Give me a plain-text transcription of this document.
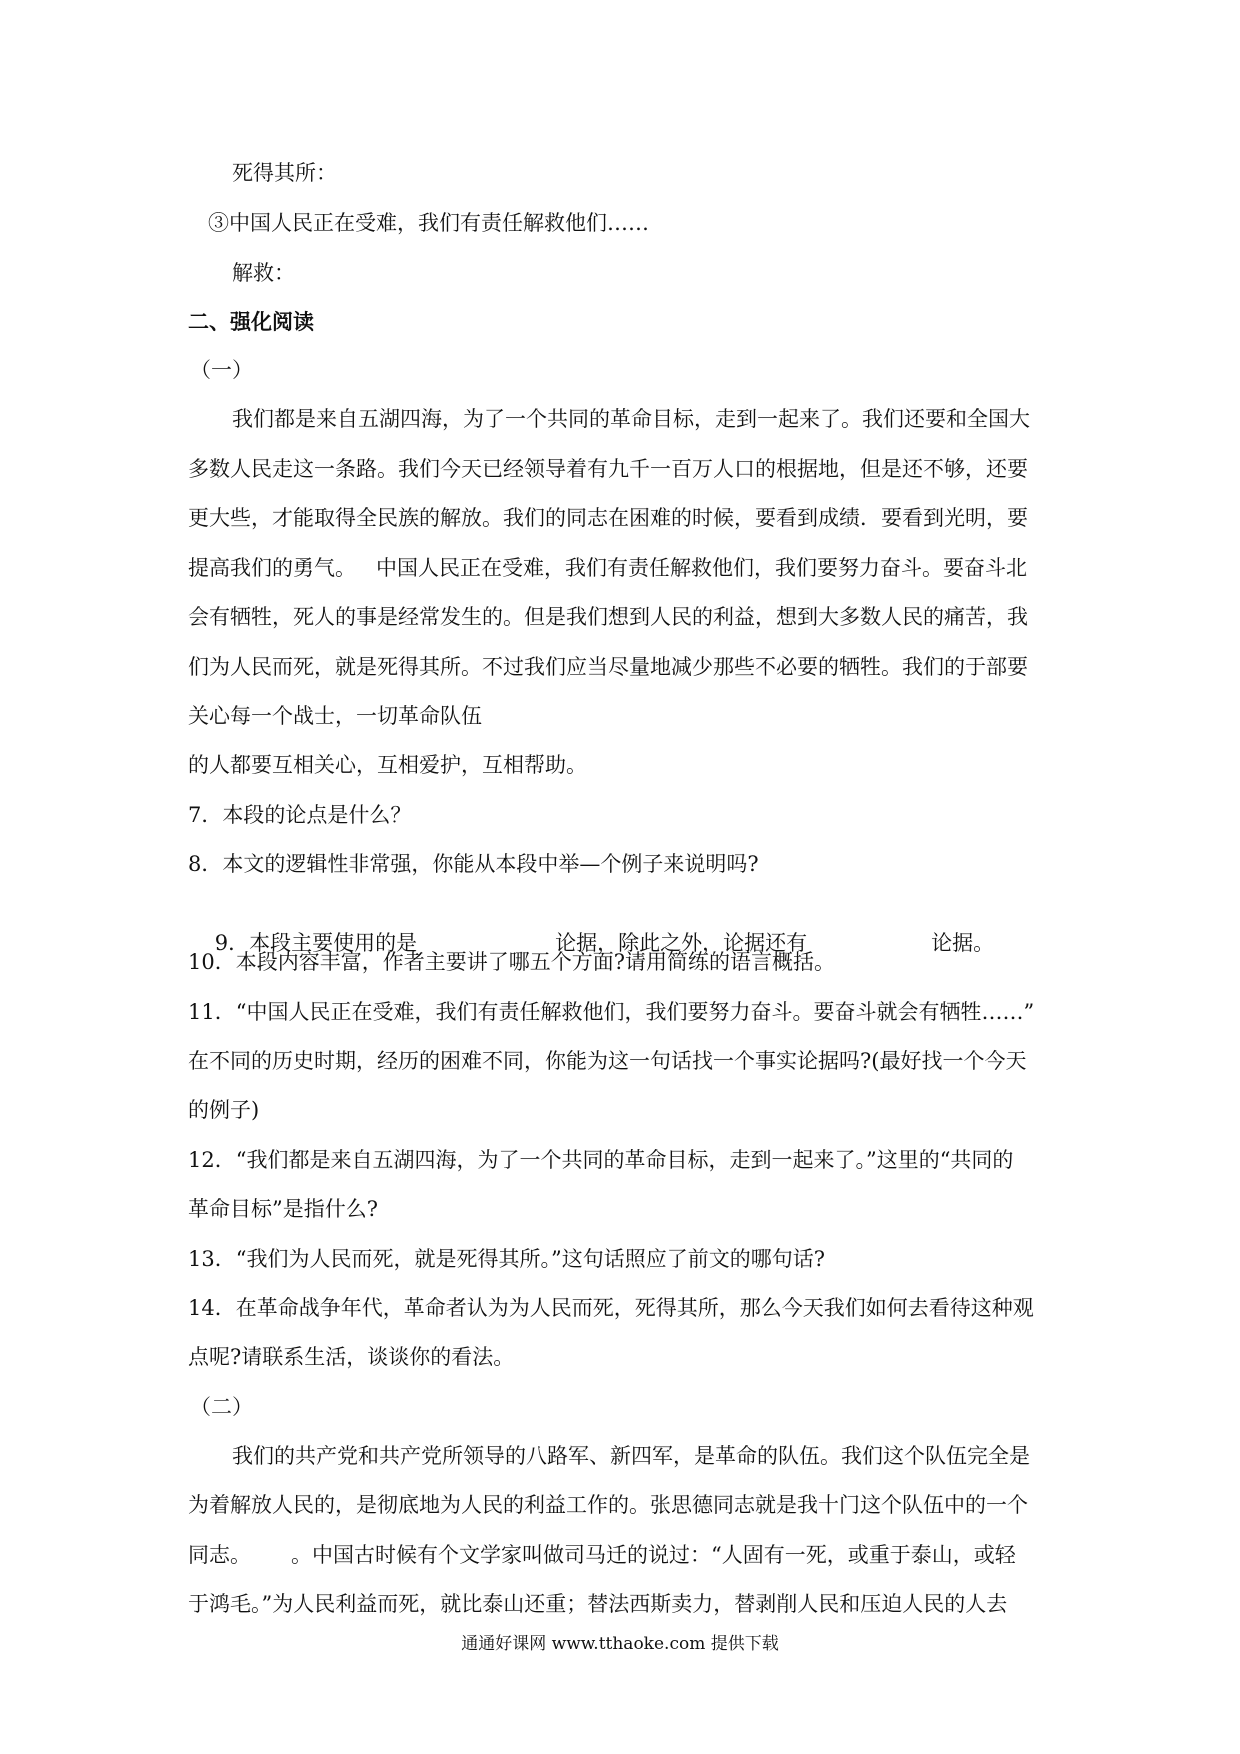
死得其所：
③中国人民正在受难，我们有责任解救他们……
解救：
二、强化阅读
（一）
我们都是来自五湖四海，为了一个共同的革命目标，走到一起来了。我们还要和全国大
多数人民走这一条路。我们今天已经领导着有九千一百万人口的根据地，但是还不够，还要
更大些，才能取得全民族的解放。我们的同志在困难的时候，要看到成绩．要看到光明，要
提高我们的勇气。   中国人民正在受难，我们有责任解救他们，我们要努力奋斗。要奋斗北
会有牺牲，死人的事是经常发生的。但是我们想到人民的利益，想到大多数人民的痛苦，我
们为人民而死，就是死得其所。不过我们应当尽量地减少那些不必要的牺牲。我们的于部要
关心每一个战士，一切革命队伍
的人都要互相关心，互相爱护，互相帮助。
7．本段的论点是什么？
8．本文的逻辑性非常强，你能从本段中举—个例子来说明吗?

9．本段主要使用的是	论据，除此之外，论据还有	论据。

10．本段内容丰富，作者主要讲了哪五个方面?请用简练的语言概括。
11．“中国人民正在受难，我们有责任解救他们，我们要努力奋斗。要奋斗就会有牺牲……”
在不同的历史时期，经历的困难不同，你能为这一句话找一个事实论据吗?(最好找一个今天
的例子)
12．“我们都是来自五湖四海，为了一个共同的革命目标，走到一起来了。”这里的“共同的
革命目标”是指什么?
13．“我们为人民而死，就是死得其所。”这句话照应了前文的哪句话?
14．在革命战争年代，革命者认为为人民而死，死得其所，那么今天我们如何去看待这种观
点呢?请联系生活，谈谈你的看法。
（二）
我们的共产党和共产党所领导的八路军、新四军，是革命的队伍。我们这个队伍完全是
为着解放人民的，是彻底地为人民的利益工作的。张思德同志就是我十门这个队伍中的一个
同志。      。中国古时候有个文学家叫做司马迁的说过：“人固有一死，或重于泰山，或轻
于鸿毛。”为人民利益而死，就比泰山还重；替法西斯卖力，替剥削人民和压迫人民的人去
通通好课网 www.tthaoke.com 提供下载
